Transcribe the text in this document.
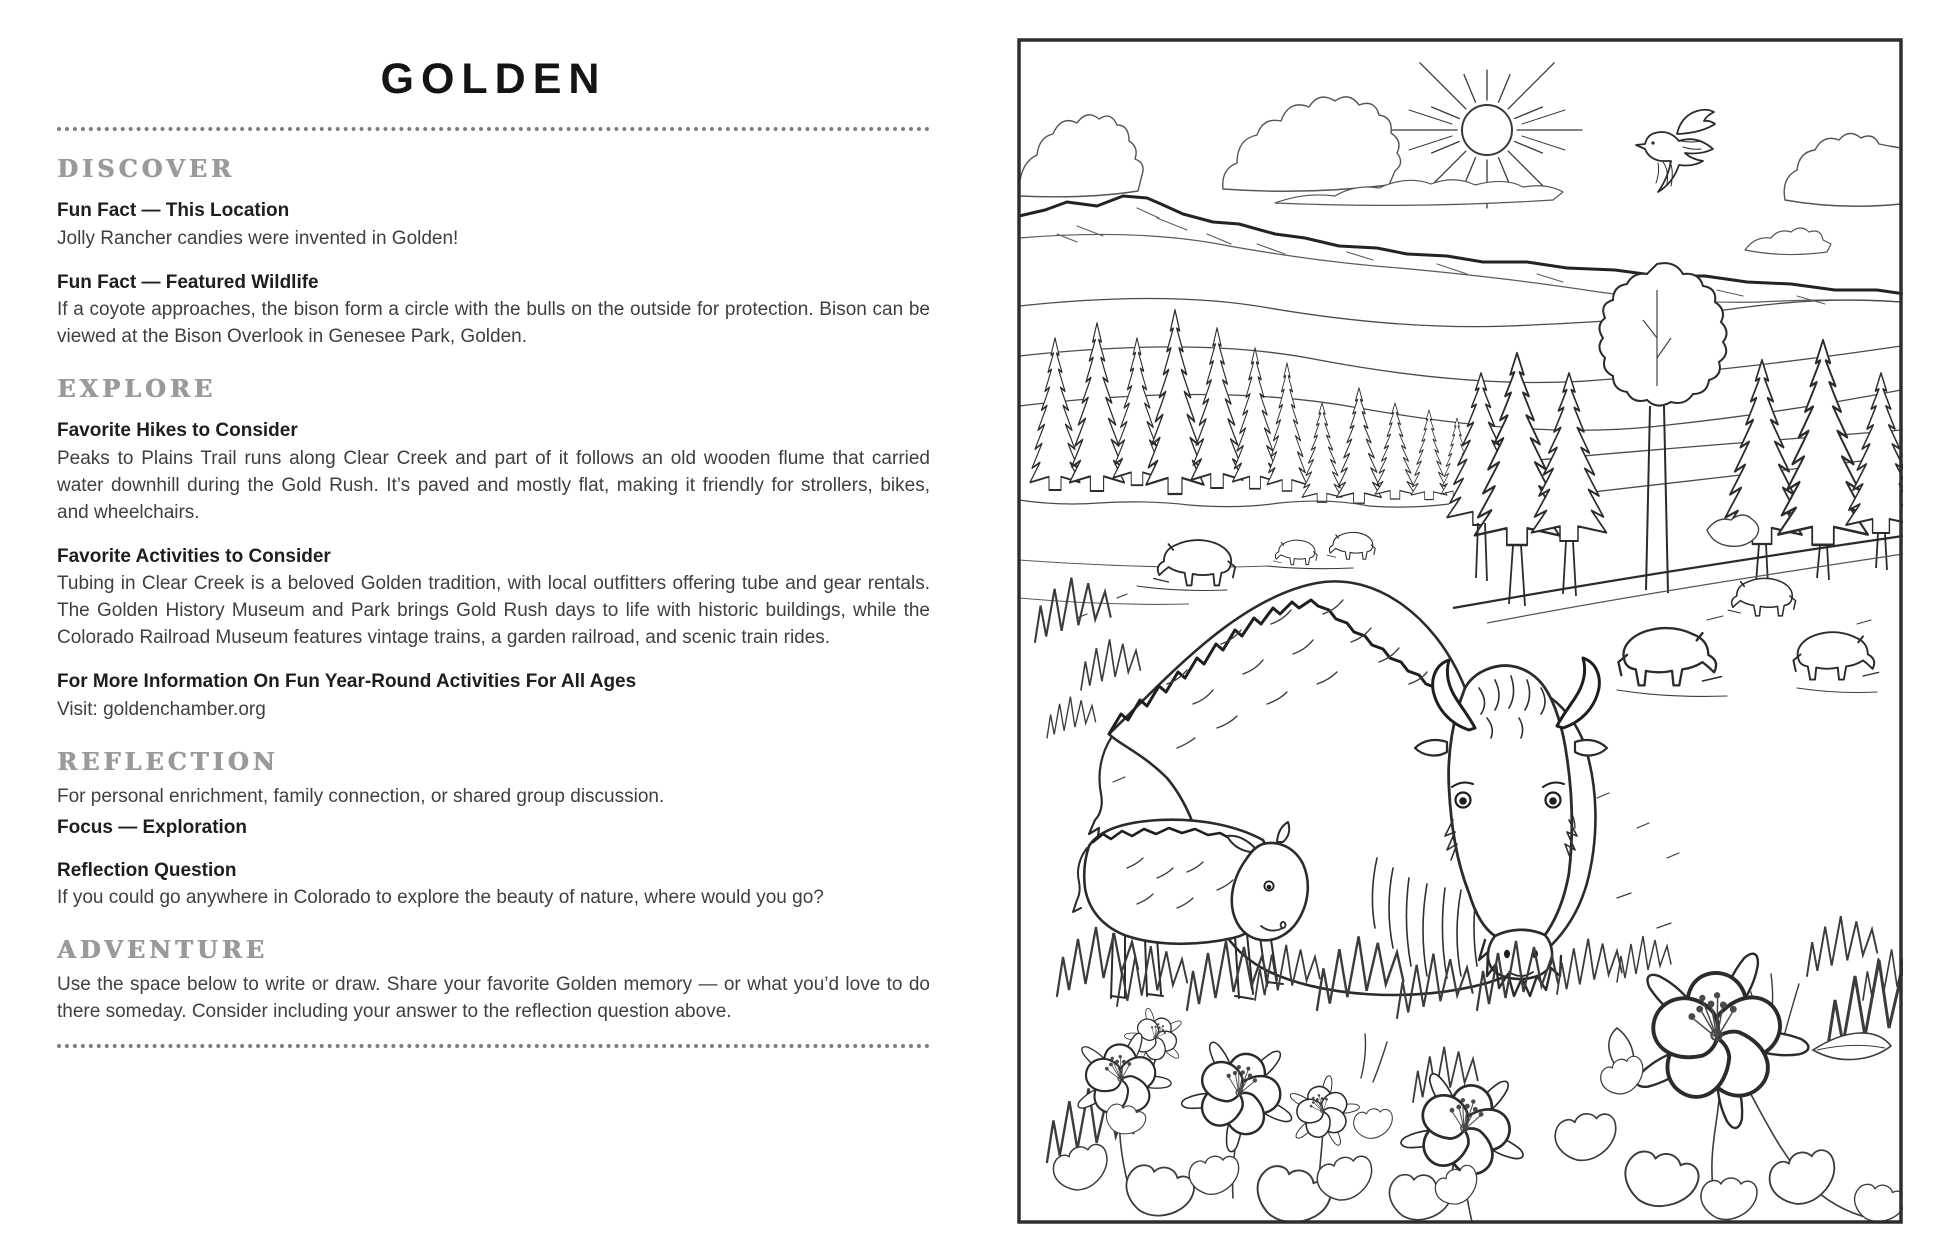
GOLDEN
DISCOVER

Fun Fact — This Location

Jolly Rancher candies were invented in Golden!

Fun Fact — Featured Wildlife

If a coyote approaches, the bison form a circle with the bulls on the outside for protection. Bison can be viewed at the Bison Overlook in Genesee Park, Golden.

EXPLORE

Favorite Hikes to Consider

Peaks to Plains Trail runs along Clear Creek and part of it follows an old wooden flume that carried water downhill during the Gold Rush. It’s paved and mostly flat, making it friendly for strollers, bikes, and wheelchairs.

Favorite Activities to Consider

Tubing in Clear Creek is a beloved Golden tradition, with local outfitters offering tube and gear rentals. The Golden History Museum and Park brings Gold Rush days to life with historic buildings, while the Colorado Railroad Museum features vintage trains, a garden railroad, and scenic train rides.

For More Information On Fun Year-Round Activities For All Ages

Visit: goldenchamber.org

REFLECTION

For personal enrichment, family connection, or shared group discussion.

Focus — Exploration

Reflection Question

If you could go anywhere in Colorado to explore the beauty of nature, where would you go?

ADVENTURE

Use the space below to write or draw. Share your favorite Golden memory — or what you’d love to do there someday. Consider including your answer to the reflection question above.
